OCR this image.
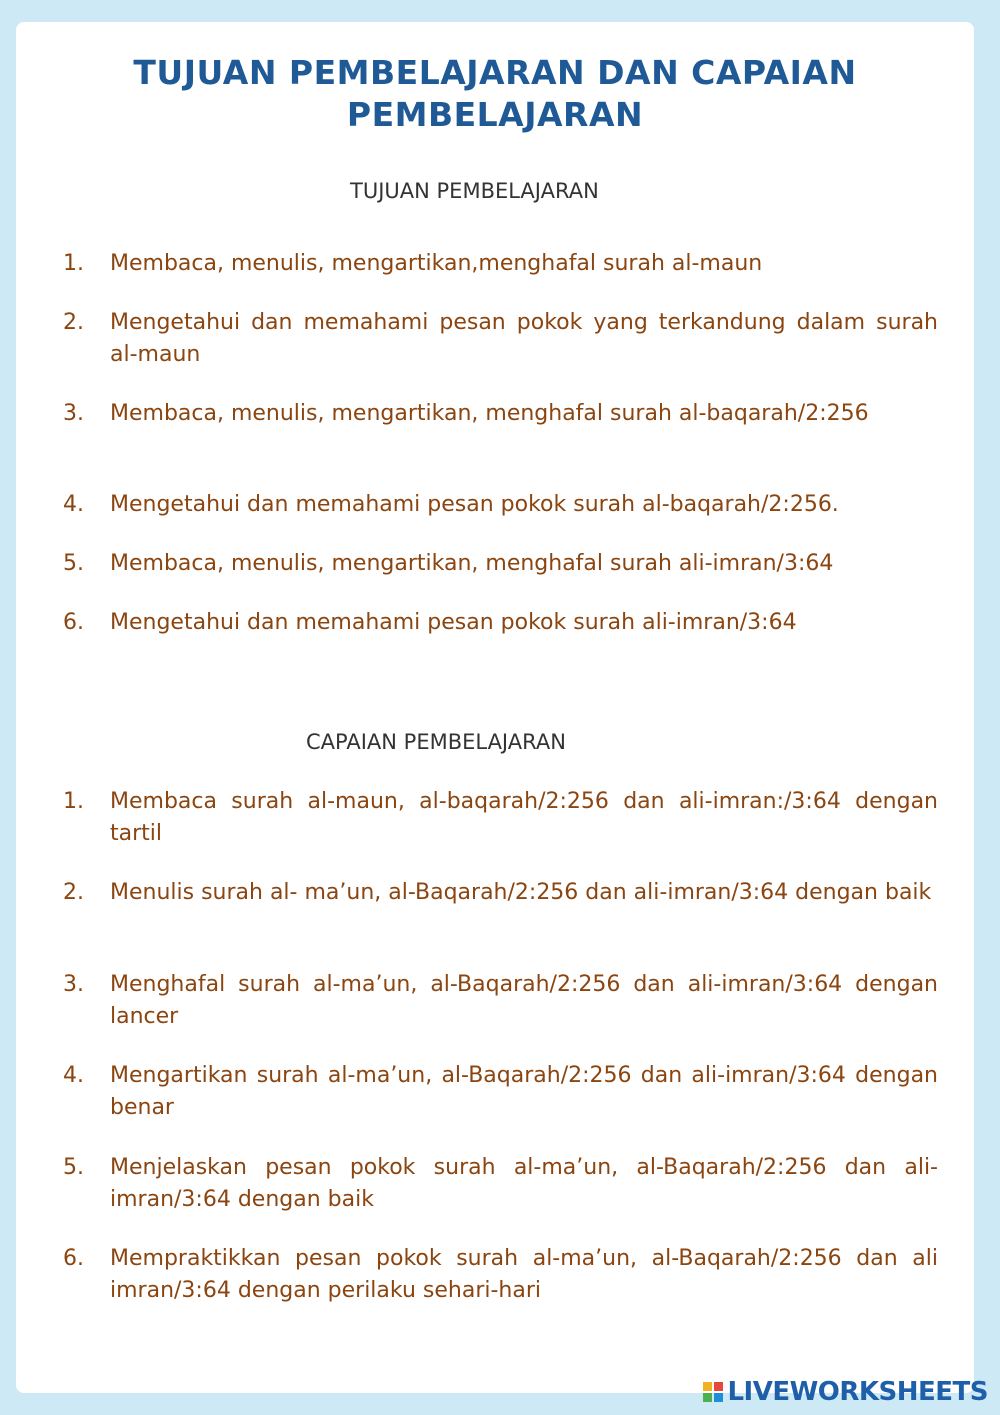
TUJUAN PEMBELAJARAN DAN CAPAIAN PEMBELAJARAN
TUJUAN PEMBELAJARAN
1.	Membaca, menulis, mengartikan,menghafal surah al-maun

2.	Mengetahui dan memahami pesan pokok yang terkandung dalam surah al-maun

3.	Membaca, menulis, mengartikan, menghafal surah al-baqarah/2:256

4.	Mengetahui dan memahami pesan pokok surah al-baqarah/2:256.

5.	Membaca, menulis, mengartikan, menghafal surah ali-imran/3:64

6.	Mengetahui dan memahami pesan pokok surah ali-imran/3:64

CAPAIAN PEMBELAJARAN
1.	Membaca surah al-maun, al-baqarah/2:256 dan ali-imran:/3:64 dengan tartil

2.	Menulis surah al- ma’un, al-Baqarah/2:256 dan ali-imran/3:64 dengan baik

3.	Menghafal surah al-ma’un, al-Baqarah/2:256 dan ali-imran/3:64 dengan lancer

4.	Mengartikan surah al-ma’un, al-Baqarah/2:256 dan ali-imran/3:64 dengan benar

5.	Menjelaskan pesan pokok surah al-ma’un, al-Baqarah/2:256 dan ali-imran/3:64 dengan baik

6.	Mempraktikkan pesan pokok surah al-ma’un, al-Baqarah/2:256 dan ali imran/3:64 dengan perilaku sehari-hari

LIVEWORKSHEETS
